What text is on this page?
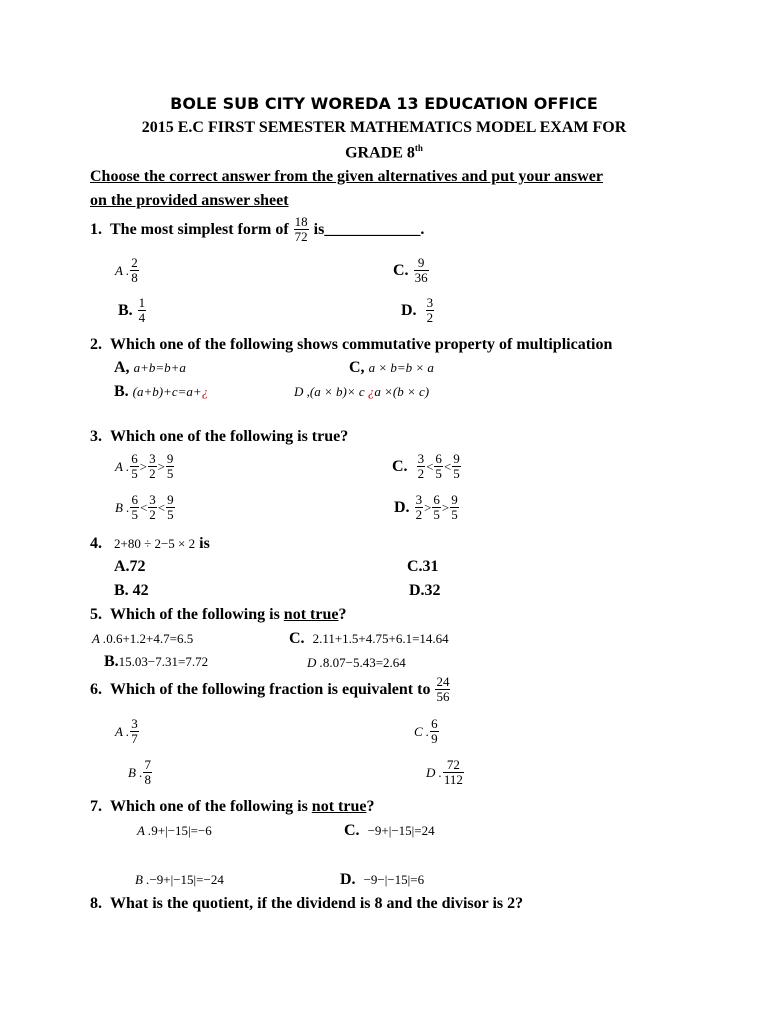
BOLE SUB CITY WOREDA 13 EDUCATION OFFICE
2015 E.C FIRST SEMESTER MATHEMATICS MODEL EXAM FOR
GRADE 8th
Choose the correct answer from the given alternatives and put your answer
on the provided answer sheet
1.
The most simplest form of
$\frac{18}{72}$
is____________.
A . $\frac{2}{8}$
B.
$\frac{1}{4}$
C.
$\frac{9}{36}$
D.
$\frac{3}{2}$
2. Which one of the following shows commutative property of multiplication
A, a+b=b+a
B. (a+b)+c=a+¿
C, a × b=b × a
D ,(a × b)× c ¿a ×(b × c)
3. Which one of the following is true?
A . $\frac{6}{5} > \frac{3}{2} > \frac{9}{5}$
B . $\frac{6}{5} < \frac{3}{2} < \frac{9}{5}$
C.
$\frac{3}{2} < \frac{6}{5} < \frac{9}{5}$
D.
$\frac{3}{2} > \frac{6}{5} > \frac{9}{5}$
4. 2+80 ÷ 2−5 × 2 is
A.72
B. 42
C.31
D.32
5. Which of the following is not true?
A .0.6+1.2+4.7=6.5
B.15.03−7.31=7.72
C. 2.11+1.5+4.75+6.1=14.64
D .8.07−5.43=2.64
6.
Which of the following fraction is equivalent to
$\frac{24}{56}$
A . $\frac{3}{7}$
B . $\frac{7}{8}$
C . $\frac{6}{9}$
D . $\frac{72}{112}$
7. Which one of the following is not true?
A .9+|−15|=−6	C. −9+|−15|=24
B .−9+|−15|=−24	D. −9−|−15|=6
8. What is the quotient, if the dividend is 8 and the divisor is 2?
